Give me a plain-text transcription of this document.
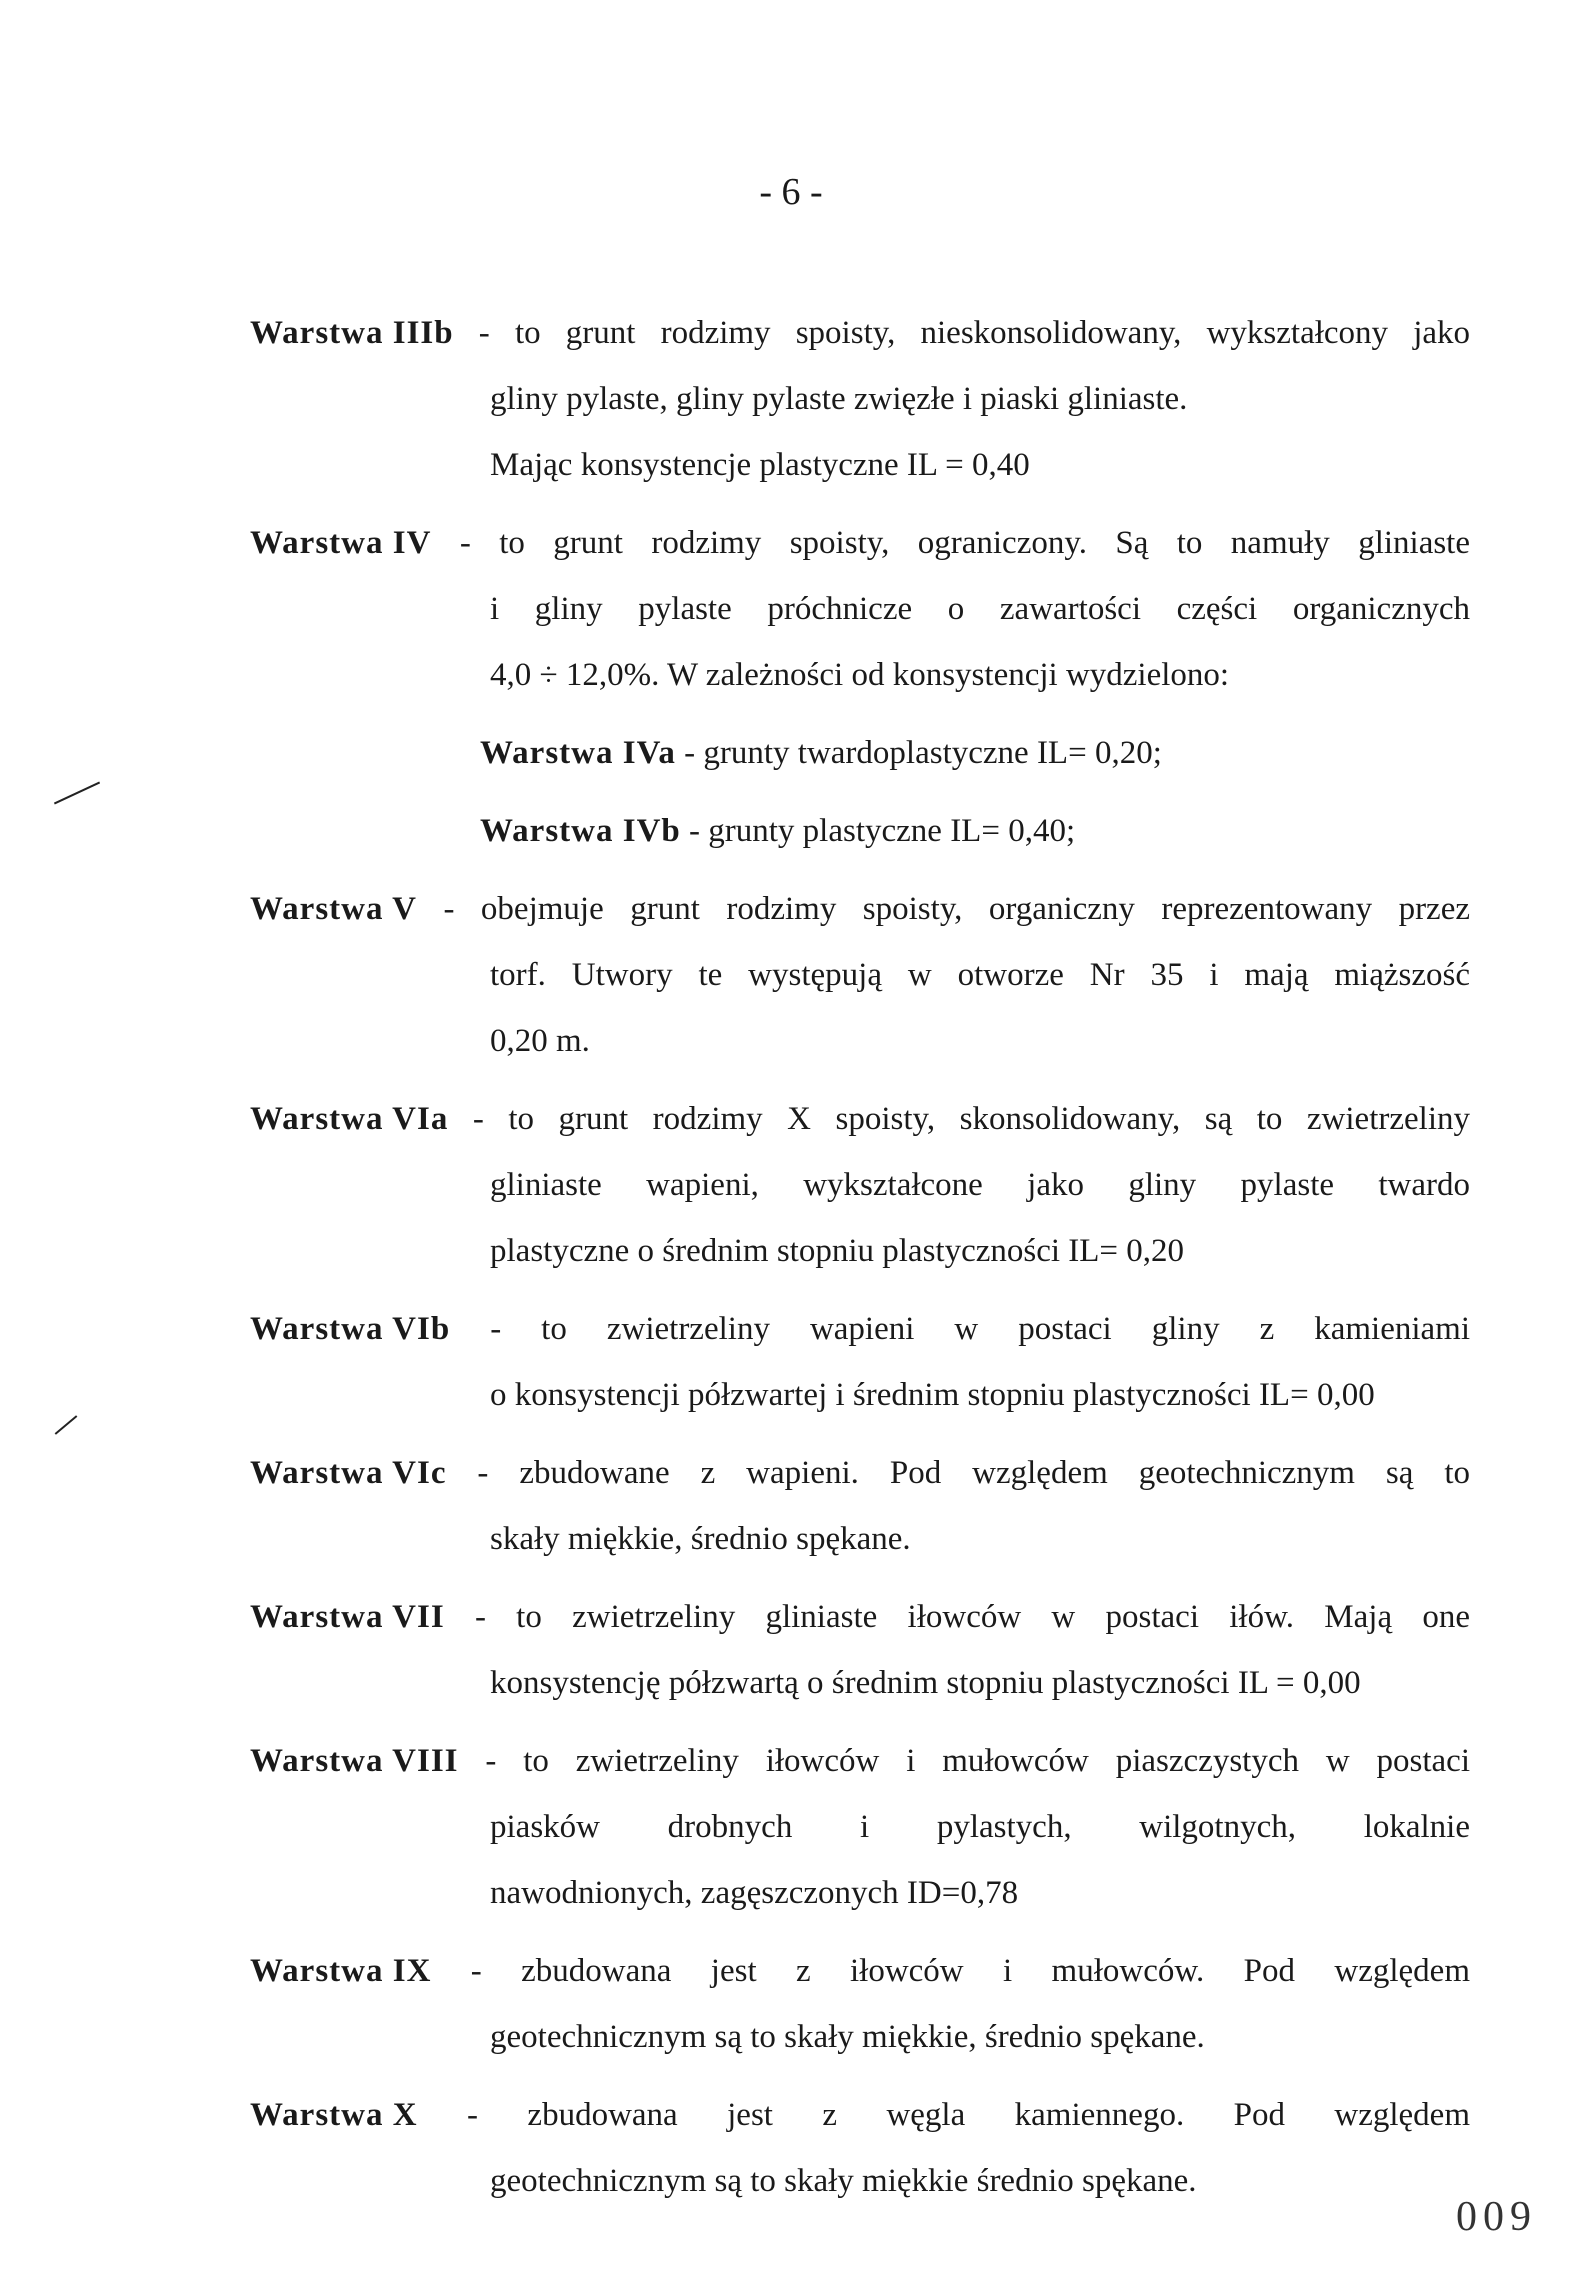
- 6 -
Warstwa IIIb - to grunt rodzimy spoisty, nieskonsolidowany, wykształcony jako
gliny pylaste, gliny pylaste zwięzłe i piaski gliniaste.
Mając konsystencje plastyczne IL = 0,40
Warstwa IV - to grunt rodzimy spoisty, ograniczony. Są to namuły gliniaste
i gliny pylaste próchnicze o zawartości części organicznych
4,0 ÷ 12,0%. W zależności od konsystencji wydzielono:
Warstwa IVa - grunty twardoplastyczne IL= 0,20;
Warstwa IVb - grunty plastyczne IL= 0,40;
Warstwa V - obejmuje grunt rodzimy spoisty, organiczny reprezentowany przez
torf. Utwory te występują w otworze Nr 35 i mają miąższość
0,20 m.
Warstwa VIa - to grunt rodzimy X spoisty, skonsolidowany, są to zwietrzeliny
gliniaste wapieni, wykształcone jako gliny pylaste twardo
plastyczne o średnim stopniu plastyczności IL= 0,20
Warstwa VIb - to zwietrzeliny wapieni w postaci gliny z kamieniami
o konsystencji półzwartej i średnim stopniu plastyczności IL= 0,00
Warstwa VIc - zbudowane z wapieni. Pod względem geotechnicznym są to
skały miękkie, średnio spękane.
Warstwa VII - to zwietrzeliny gliniaste iłowców w postaci iłów. Mają one
konsystencję półzwartą o średnim stopniu plastyczności IL = 0,00
Warstwa VIII - to zwietrzeliny iłowców i mułowców piaszczystych w postaci
piasków drobnych i pylastych, wilgotnych, lokalnie
nawodnionych, zagęszczonych ID=0,78
Warstwa IX - zbudowana jest z iłowców i mułowców. Pod względem
geotechnicznym są to skały miękkie, średnio spękane.
Warstwa X - zbudowana jest z węgla kamiennego. Pod względem
geotechnicznym są to skały miękkie średnio spękane.
009
